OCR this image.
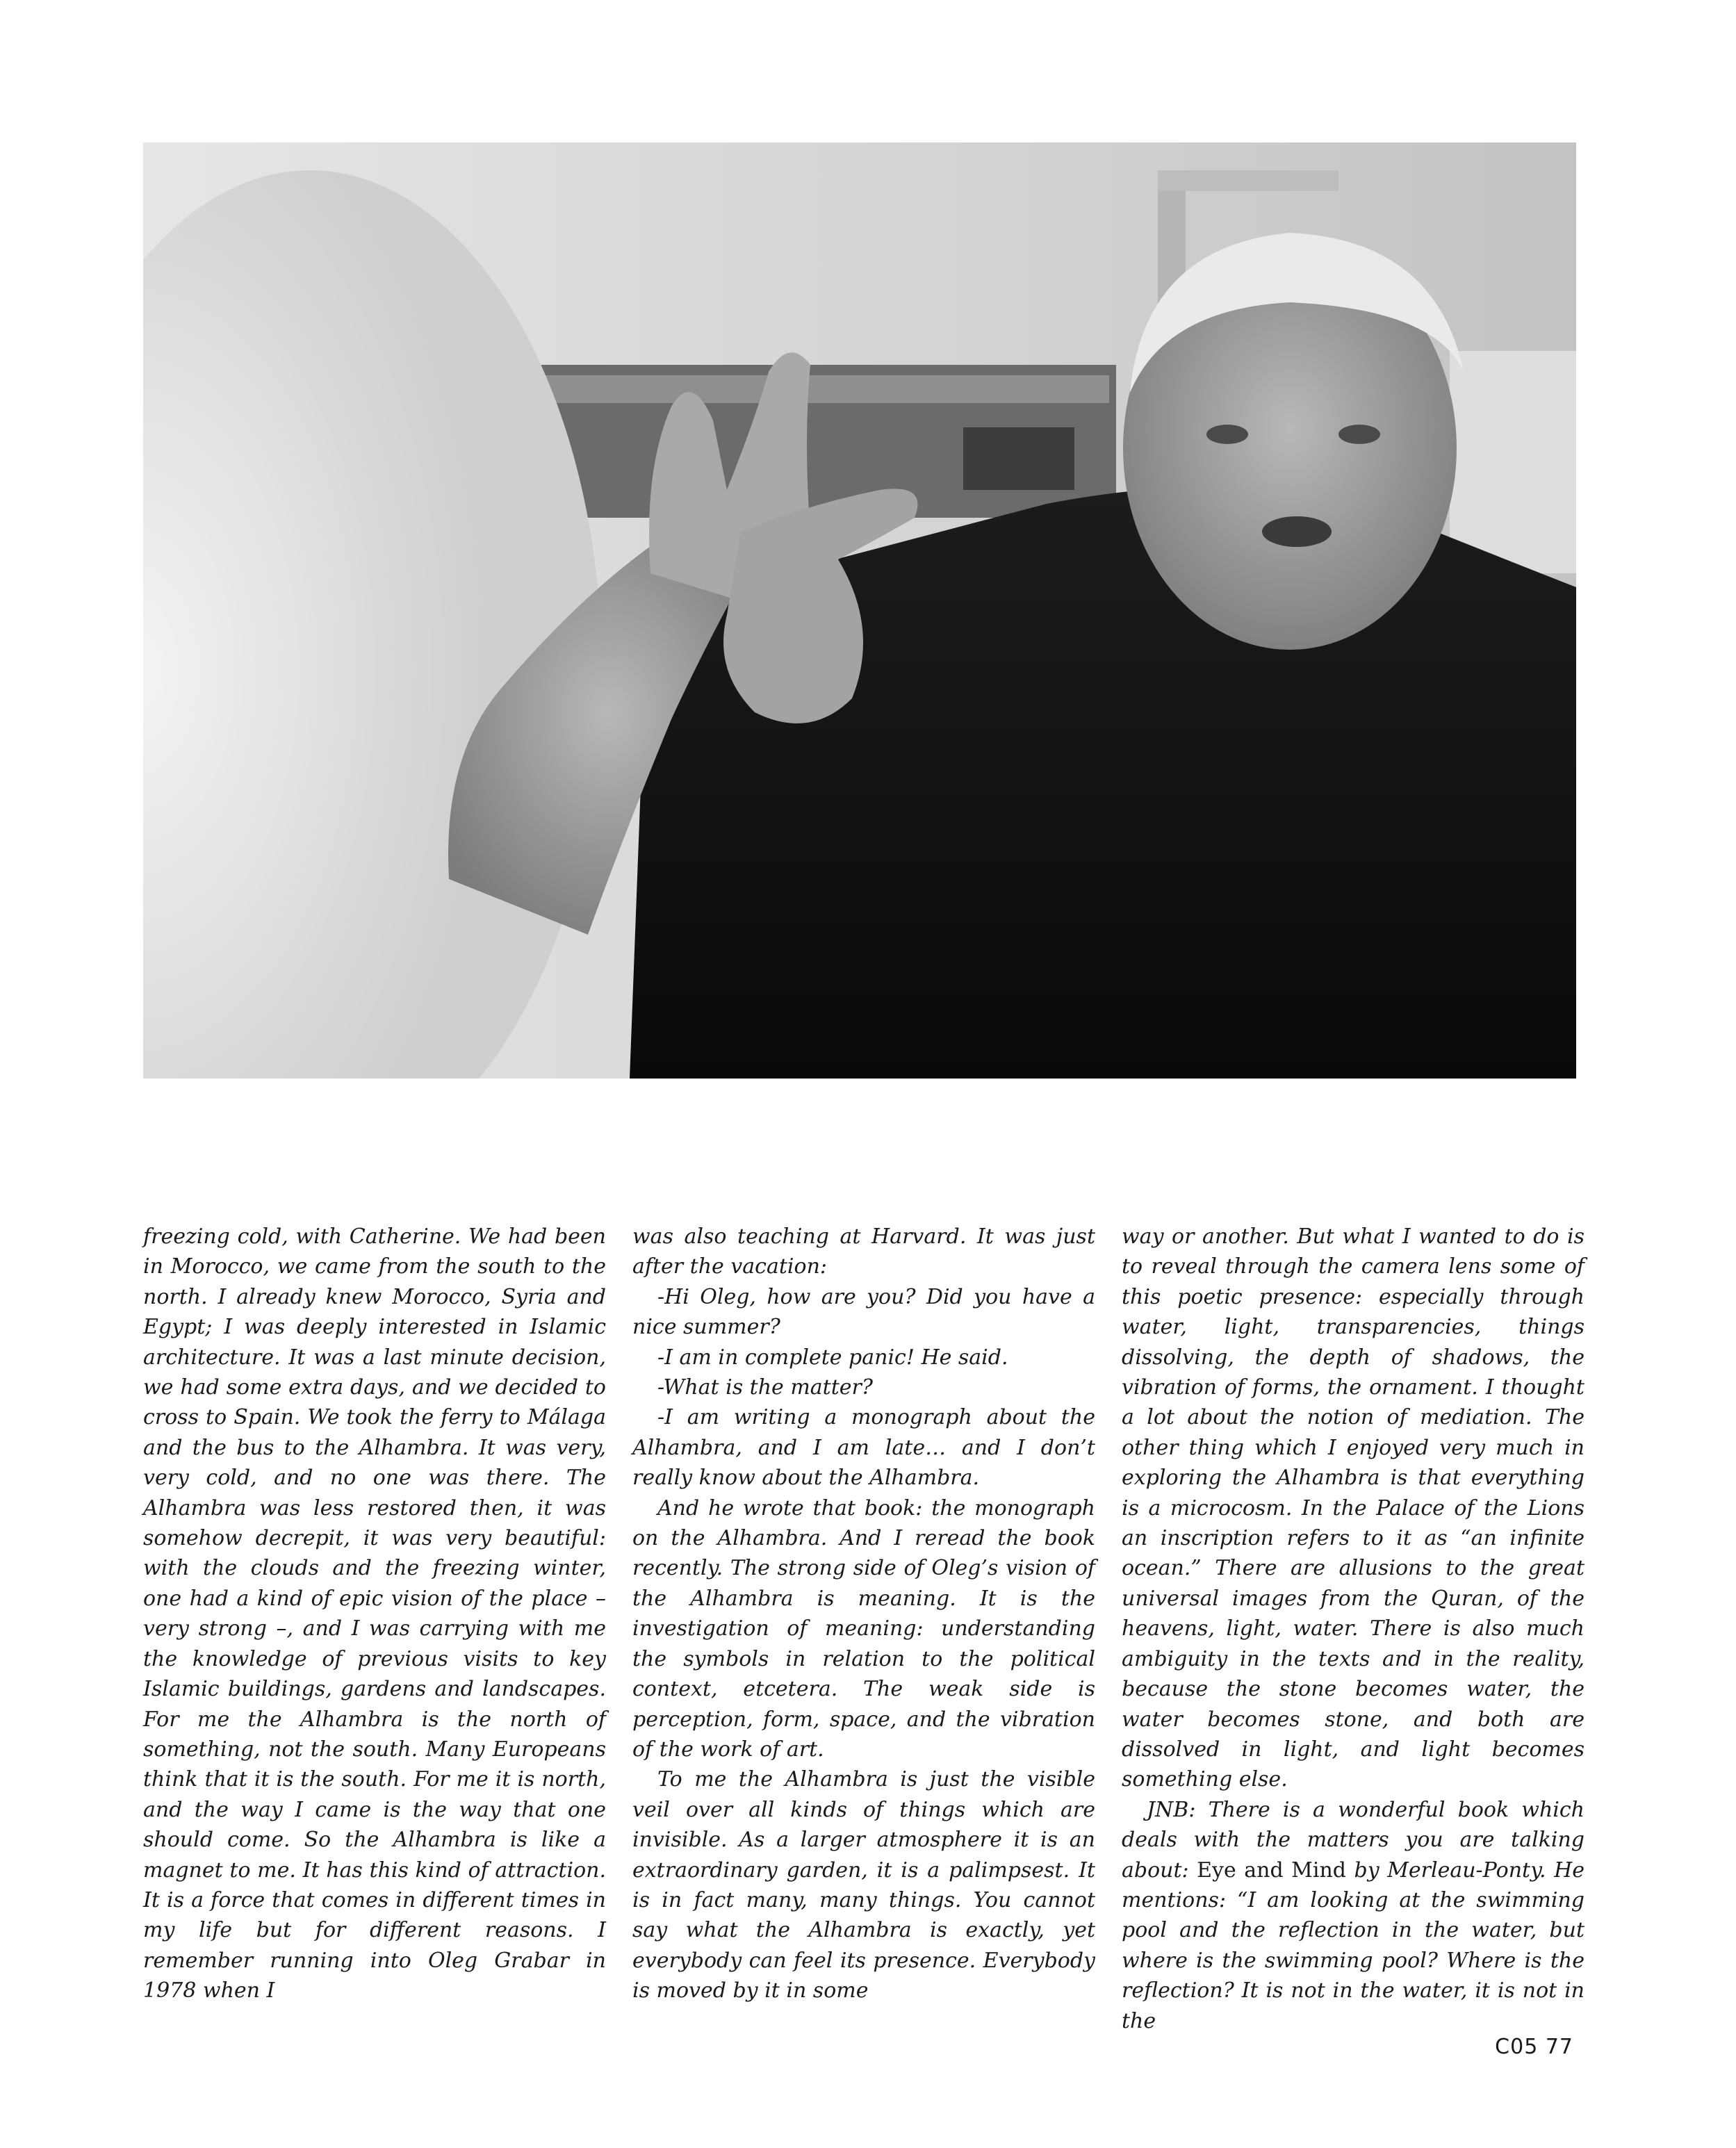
freezing cold, with Catherine. We had been in Morocco, we came from the south to the north. I already knew Morocco, Syria and Egypt; I was deeply interested in Islamic architecture. It was a last minute decision, we had some extra days, and we decided to cross to Spain. We took the ferry to Málaga and the bus to the Alhambra. It was very, very cold, and no one was there. The Alhambra was less restored then, it was somehow decrepit, it was very beautiful: with the clouds and the freezing winter, one had a kind of epic vision of the place – very strong –, and I was carrying with me the knowledge of previous visits to key Islamic buildings, gardens and landscapes. For me the Alhambra is the north of something, not the south. Many Europeans think that it is the south. For me it is north, and the way I came is the way that one should come. So the Alhambra is like a magnet to me. It has this kind of attraction. It is a force that comes in different times in my life but for different reasons. I remember running into Oleg Grabar in 1978 when I

was also teaching at Harvard. It was just after the vacation:

-Hi Oleg, how are you? Did you have a nice summer?

-I am in complete panic! He said.

-What is the matter?

-I am writing a monograph about the Alhambra, and I am late… and I don’t really know about the Alhambra.

And he wrote that book: the monograph on the Alhambra. And I reread the book recently. The strong side of Oleg’s vision of the Alhambra is meaning. It is the investigation of meaning: understanding the symbols in relation to the political context, etcetera. The weak side is perception, form, space, and the vibration of the work of art.

To me the Alhambra is just the visible veil over all kinds of things which are invisible. As a larger atmosphere it is an extraordinary garden, it is a palimpsest. It is in fact many, many things. You cannot say what the Alhambra is exactly, yet everybody can feel its presence. Everybody is moved by it in some

way or another. But what I wanted to do is to reveal through the camera lens some of this poetic presence: especially through water, light, transparencies, things dissolving, the depth of shadows, the vibration of forms, the ornament. I thought a lot about the notion of mediation. The other thing which I enjoyed very much in exploring the Alhambra is that everything is a microcosm. In the Palace of the Lions an inscription refers to it as “an infinite ocean.” There are allusions to the great universal images from the Quran, of the heavens, light, water. There is also much ambiguity in the texts and in the reality, because the stone becomes water, the water becomes stone, and both are dissolved in light, and light becomes something else.

JNB: There is a wonderful book which deals with the matters you are talking about: Eye and Mind by Merleau-Ponty. He mentions: “I am looking at the swimming pool and the reflection in the water, but where is the swimming pool? Where is the reflection? It is not in the water, it is not in the

C05 77
